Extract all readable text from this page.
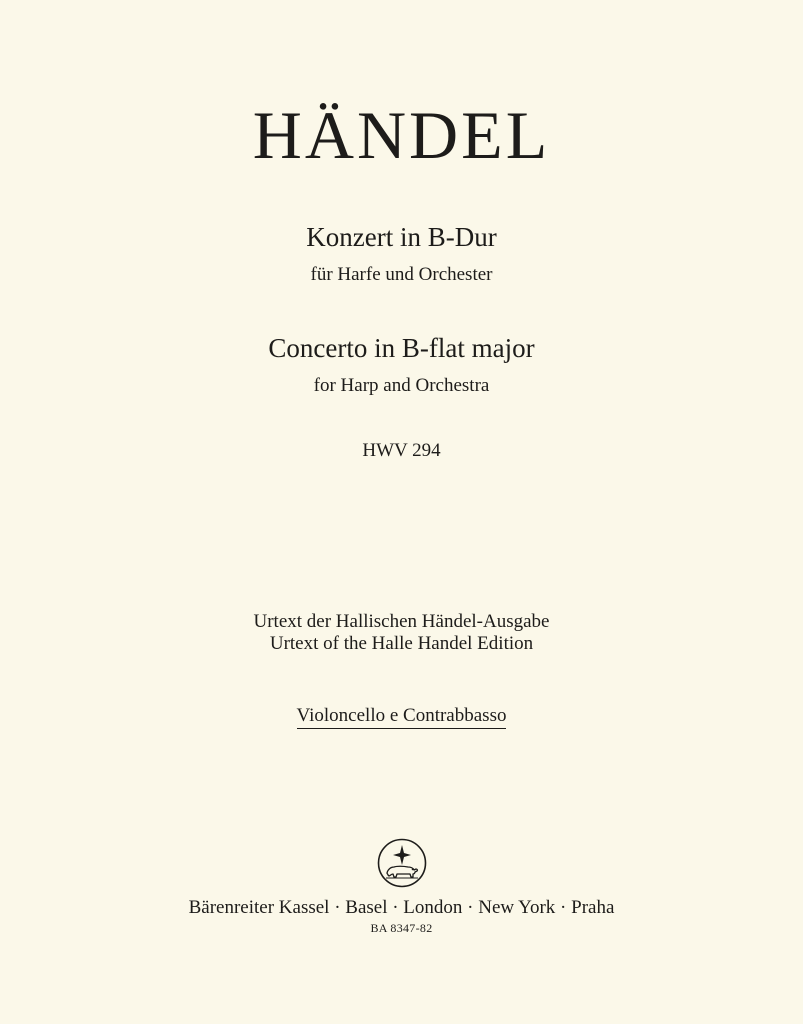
HÄNDEL
Konzert in B-Dur
für Harfe und Orchester
Concerto in B-flat major
for Harp and Orchestra
HWV 294
Urtext der Hallischen Händel-Ausgabe
Urtext of the Halle Handel Edition
Violoncello e Contrabbasso
Bärenreiter Kassel · Basel · London · New York · Praha
BA 8347-82
